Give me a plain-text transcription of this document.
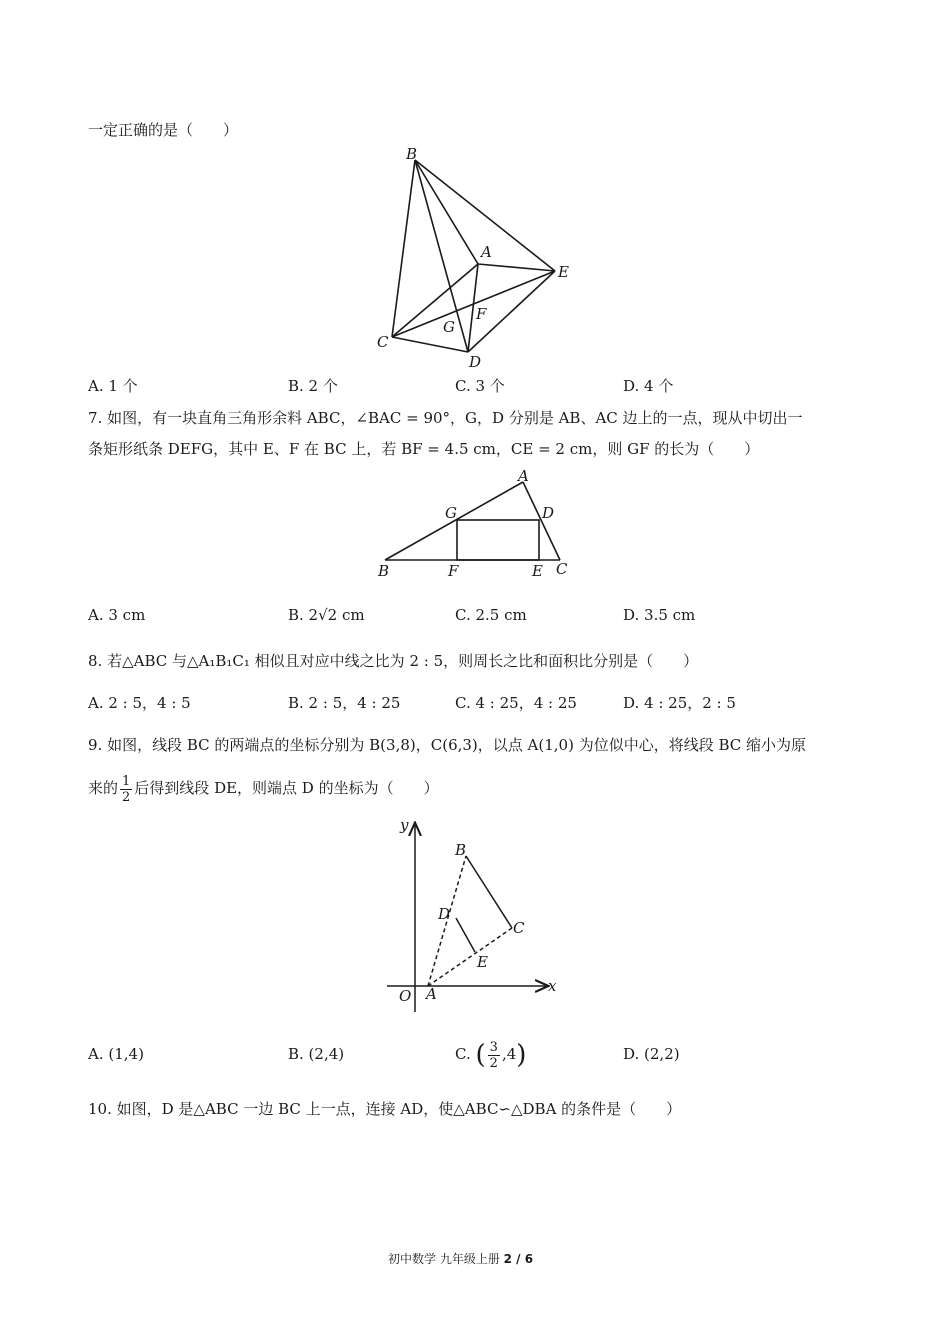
一定正确的是（　　）
B
A
E
C
G
F
D
A. 1 个	B. 2 个	C. 3 个	D. 4 个
7. 如图，有一块直角三角形余料 ABC，∠BAC = 90°，G，D 分别是 AB、AC 边上的一点，现从中切出一
条矩形纸条 DEFG，其中 E、F 在 BC 上，若 BF = 4.5 cm，CE = 2 cm，则 GF 的长为（　　）
A
G	D
B	F	E C
A. 3 cm	B. 2√2 cm	C. 2.5 cm	D. 3.5 cm
8. 若△ABC 与△A₁B₁C₁ 相似且对应中线之比为 2 : 5，则周长之比和面积比分别是（　　）
A. 2 : 5，4 : 5	B. 2 : 5，4 : 25	C. 4 : 25，4 : 25	D. 4 : 25，2 : 5
9. 如图，线段 BC 的两端点的坐标分别为 B(3,8)，C(6,3)，以点 A(1,0) 为位似中心，将线段 BC 缩小为原
来的 $\frac{1}{2}$ 后得到线段 DE，则端点 D 的坐标为（　　）
y
x
O A
B
C
D
E
A. (1,4)	B. (2,4)	C. ( $\frac{3}{2} ,4$)	D. (2,2)
10. 如图，D 是△ABC 一边 BC 上一点，连接 AD，使△ABC∽△DBA 的条件是（　　）
初中数学 九年级上册 2 / 6
